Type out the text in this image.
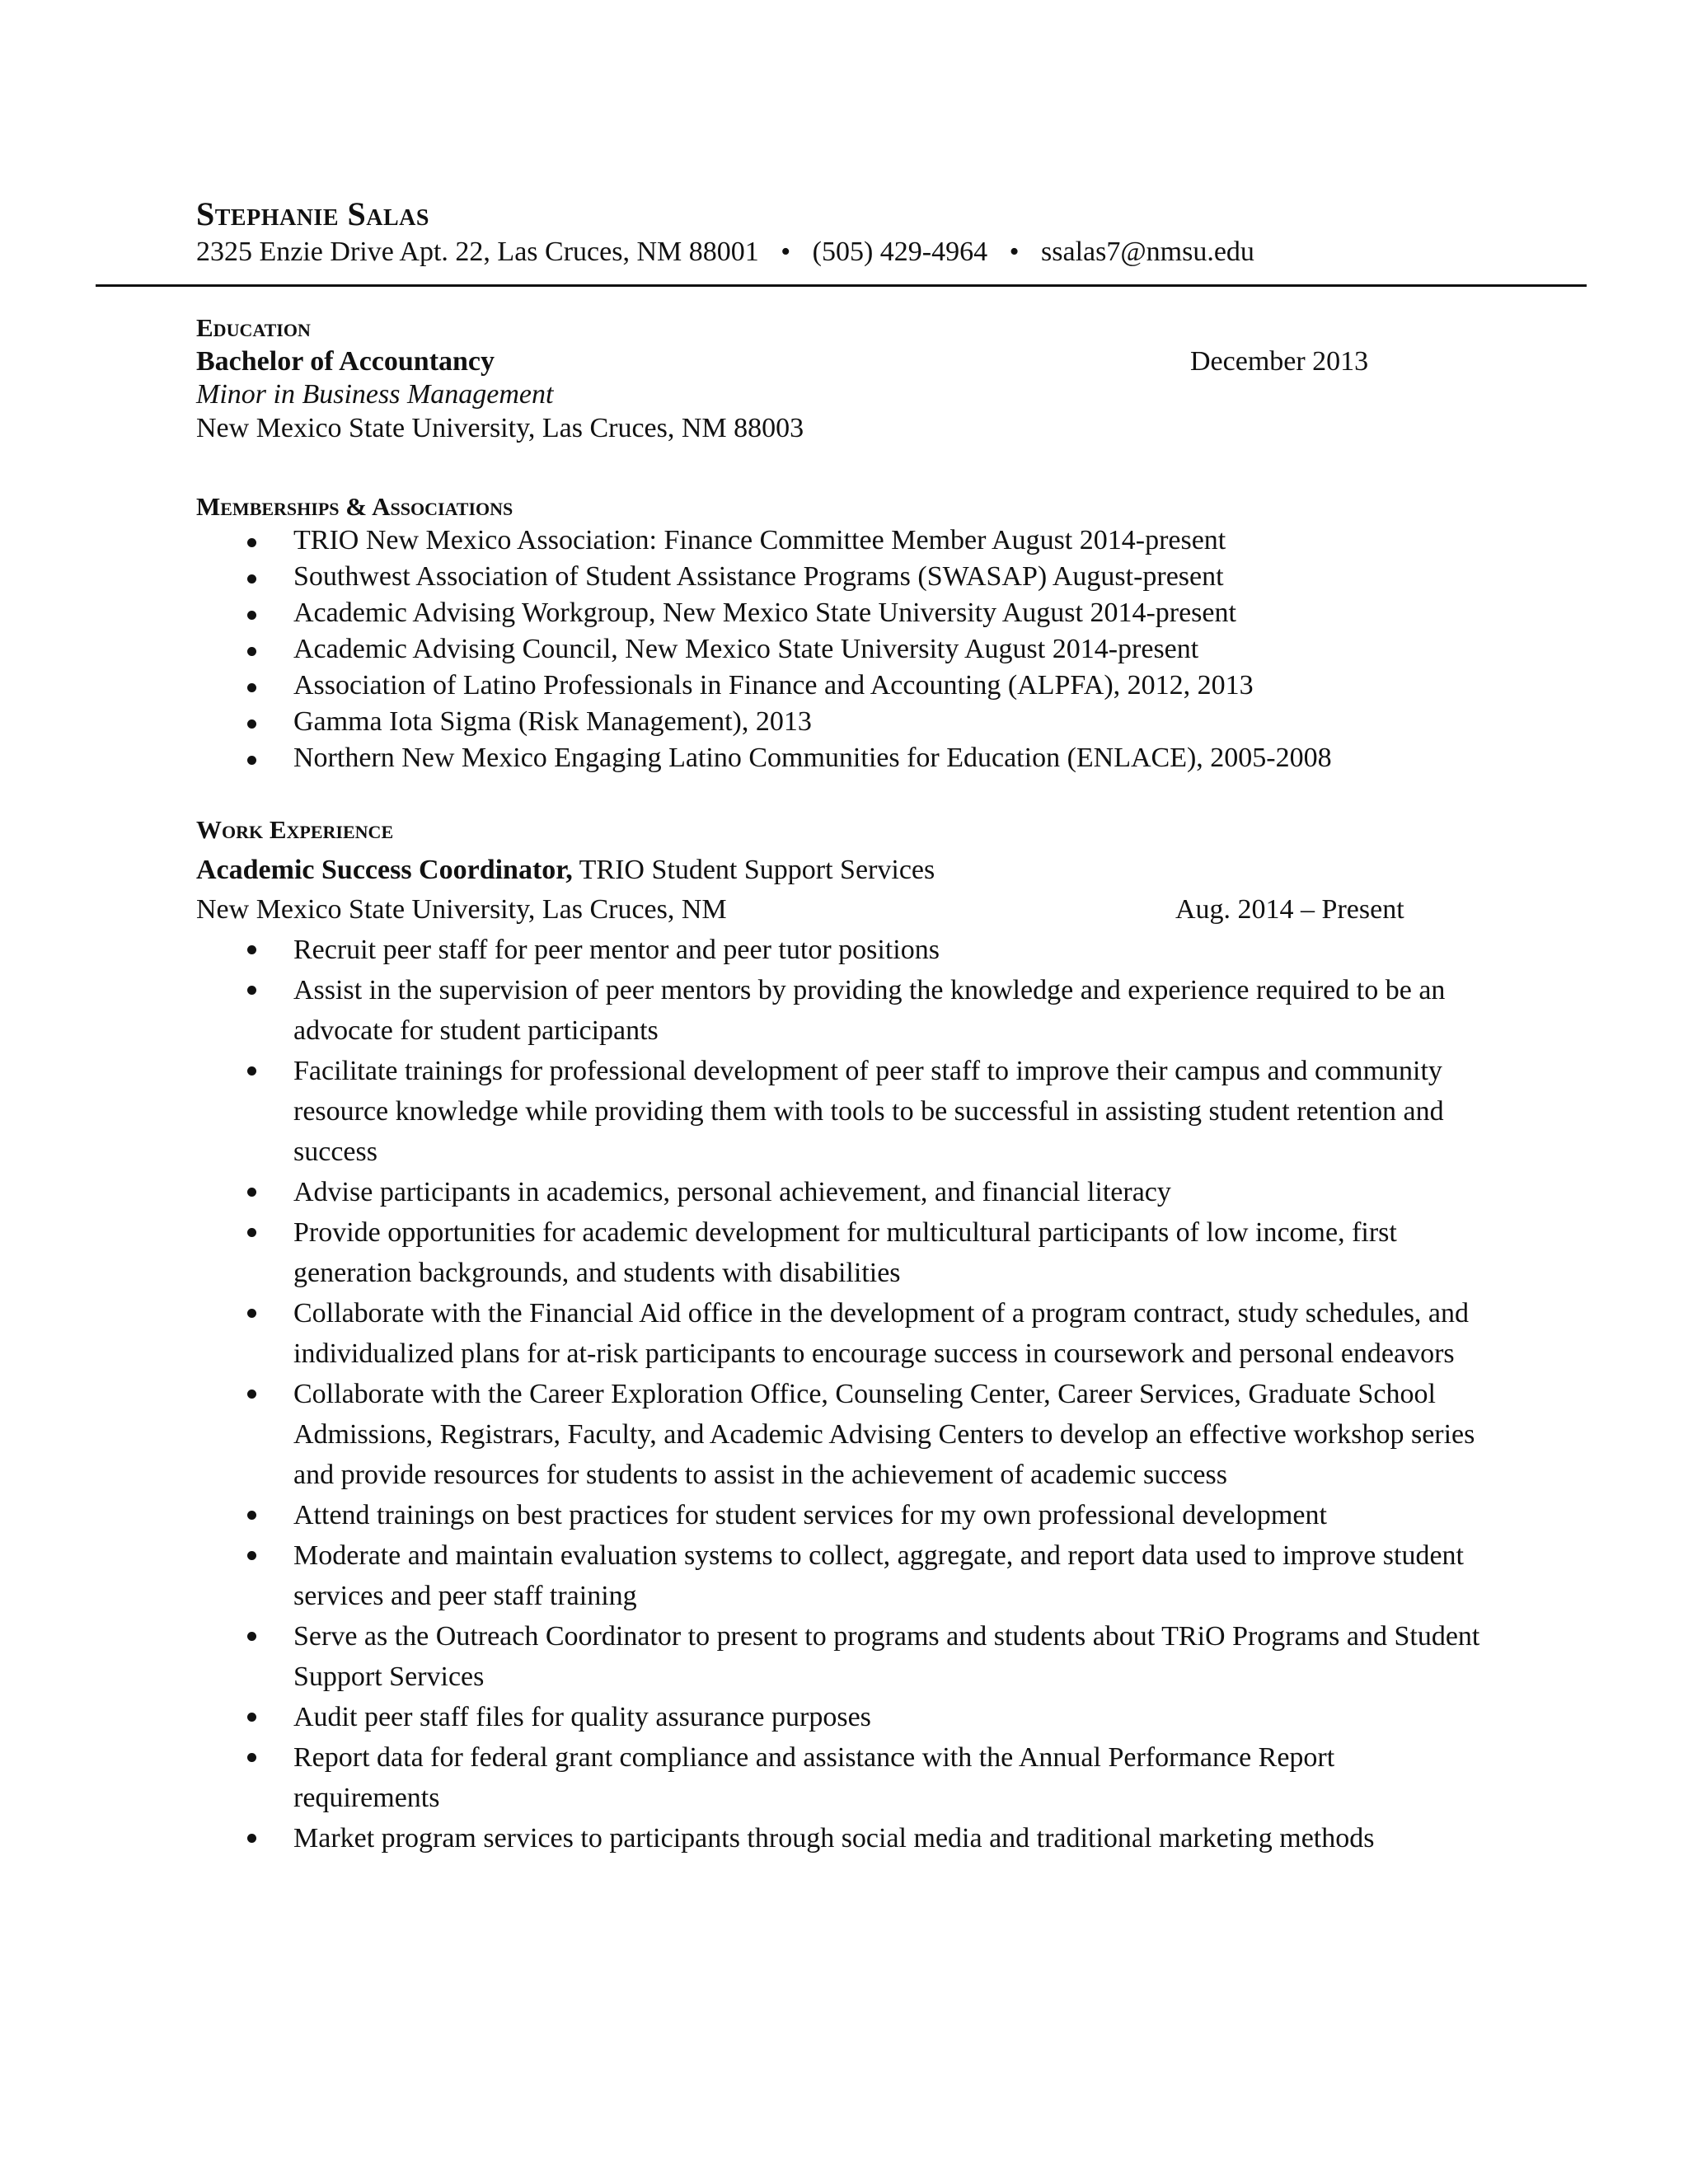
Stephanie Salas
2325 Enzie Drive Apt. 22, Las Cruces, NM 88001 • (505) 429-4964 • ssalas7@nmsu.edu
Education
Bachelor of Accountancy	December 2013
Minor in Business Management
New Mexico State University, Las Cruces, NM 88003
Memberships & Associations
TRIO New Mexico Association: Finance Committee Member August 2014-present
Southwest Association of Student Assistance Programs (SWASAP) August-present
Academic Advising Workgroup, New Mexico State University August 2014-present
Academic Advising Council, New Mexico State University August 2014-present
Association of Latino Professionals in Finance and Accounting (ALPFA), 2012, 2013
Gamma Iota Sigma (Risk Management), 2013
Northern New Mexico Engaging Latino Communities for Education (ENLACE), 2005-2008
Work Experience
Academic Success Coordinator, TRIO Student Support Services
New Mexico State University, Las Cruces, NM	Aug. 2014 – Present
Recruit peer staff for peer mentor and peer tutor positions
Assist in the supervision of peer mentors by providing the knowledge and experience required to be an advocate for student participants
Facilitate trainings for professional development of peer staff to improve their campus and community resource knowledge while providing them with tools to be successful in assisting student retention and success
Advise participants in academics, personal achievement, and financial literacy
Provide opportunities for academic development for multicultural participants of low income, first generation backgrounds, and students with disabilities
Collaborate with the Financial Aid office in the development of a program contract, study schedules, and individualized plans for at-risk participants to encourage success in coursework and personal endeavors
Collaborate with the Career Exploration Office, Counseling Center, Career Services, Graduate School Admissions, Registrars, Faculty, and Academic Advising Centers to develop an effective workshop series and provide resources for students to assist in the achievement of academic success
Attend trainings on best practices for student services for my own professional development
Moderate and maintain evaluation systems to collect, aggregate, and report data used to improve student services and peer staff training
Serve as the Outreach Coordinator to present to programs and students about TRiO Programs and Student Support Services
Audit peer staff files for quality assurance purposes
Report data for federal grant compliance and assistance with the Annual Performance Report requirements
Market program services to participants through social media and traditional marketing methods
